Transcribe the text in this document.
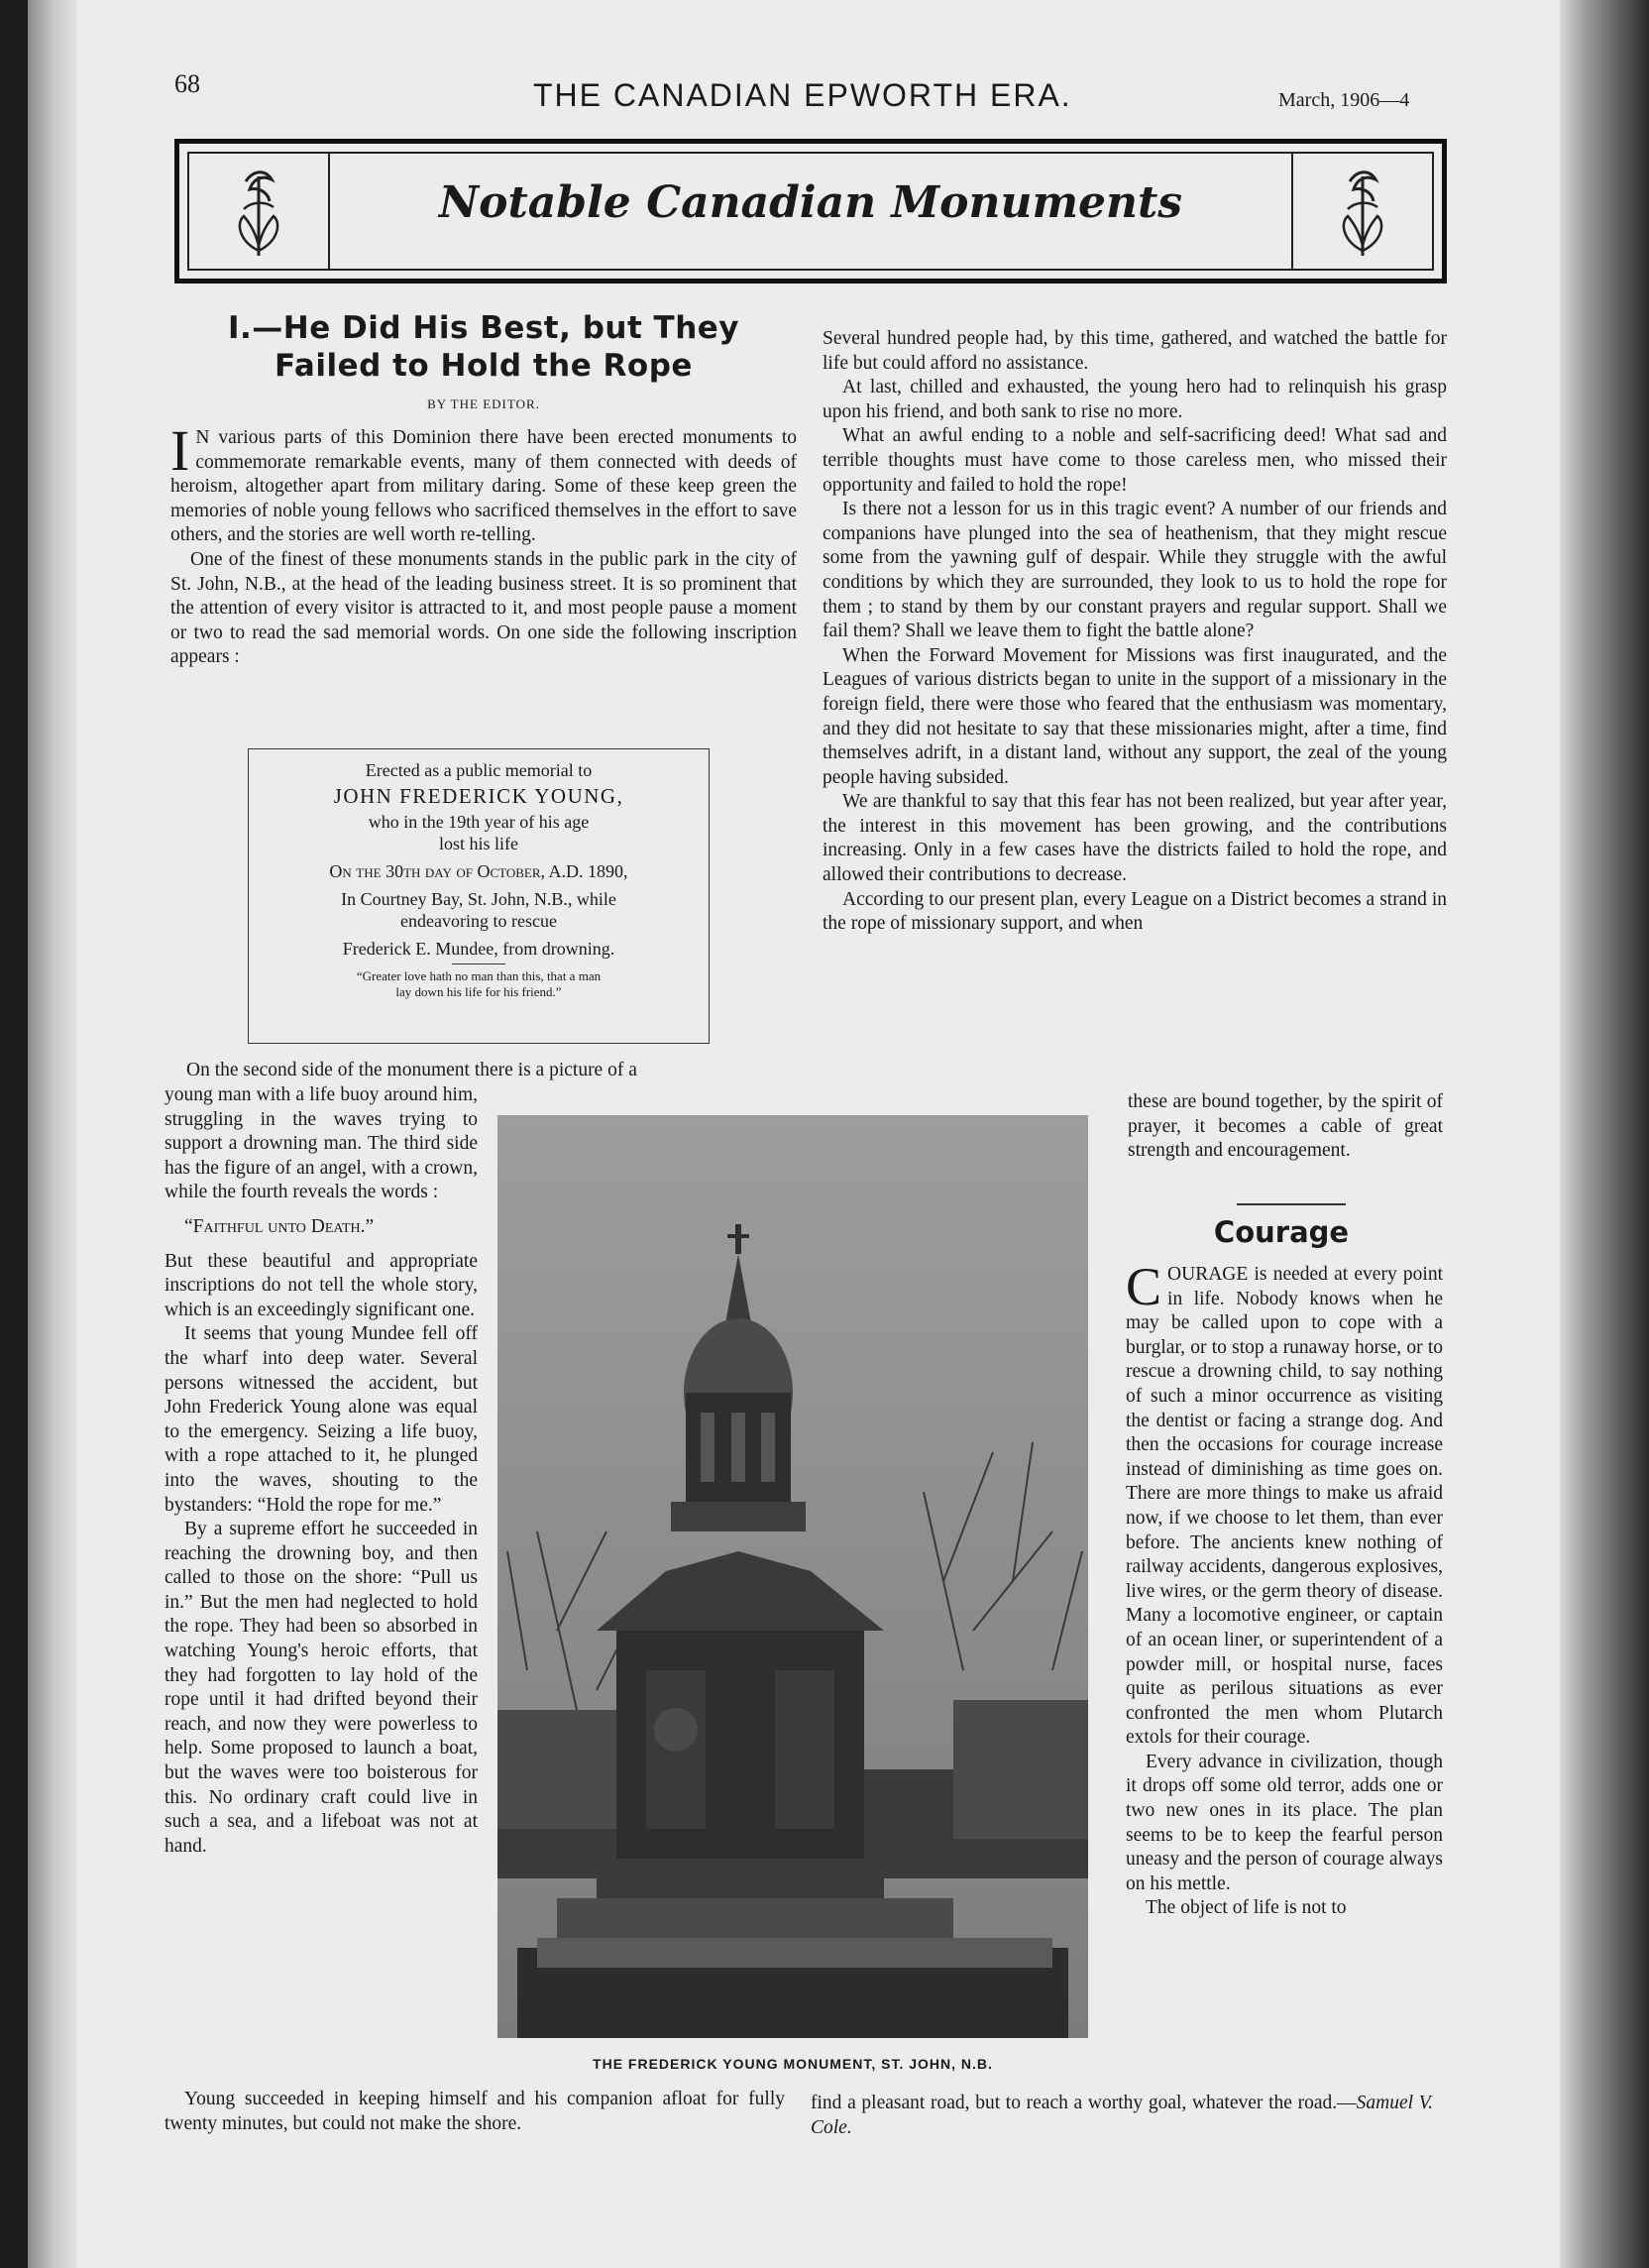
68	THE CANADIAN EPWORTH ERA.	March, 1906—4
Notable Canadian Monuments
I.—He Did His Best, but They
Failed to Hold the Rope
BY THE EDITOR.

I N various parts of this Dominion there have been erected monuments to commemorate remarkable events, many of them connected with deeds of heroism, altogether apart from military daring. Some of these keep green the memories of noble young fellows who sacrificed themselves in the effort to save others, and the stories are well worth re-telling.

One of the finest of these monuments stands in the public park in the city of St. John, N.B., at the head of the leading business street. It is so prominent that the attention of every visitor is attracted to it, and most people pause a moment or two to read the sad memorial words. On one side the following inscription appears :

Erected as a public memorial to
JOHN FREDERICK YOUNG,
who in the 19th year of his age
lost his life
On the 30th day of October, A.D. 1890,
In Courtney Bay, St. John, N.B., while
endeavoring to rescue
Frederick E. Mundee, from drowning.
“Greater love hath no man than this, that a man
lay down his life for his friend.”

On the second side of the monument there is a picture of a

young man with a life buoy around him, struggling in the waves trying to support a drowning man. The third side has the figure of an angel, with a crown, while the fourth reveals the words :

“Faithful unto Death.”

But these beautiful and appropriate inscriptions do not tell the whole story, which is an exceedingly significant one.

It seems that young Mundee fell off the wharf into deep water. Several persons witnessed the accident, but John Frederick Young alone was equal to the emergency. Seizing a life buoy, with a rope attached to it, he plunged into the waves, shouting to the bystanders: “Hold the rope for me.”

By a supreme effort he succeeded in reaching the drowning boy, and then called to those on the shore: “Pull us in.” But the men had neglected to hold the rope. They had been so absorbed in watching Young's heroic efforts, that they had forgotten to lay hold of the rope until it had drifted beyond their reach, and now they were powerless to help. Some proposed to launch a boat, but the waves were too boisterous for this. No ordinary craft could live in such a sea, and a lifeboat was not at hand.

Young succeeded in keeping himself and his companion afloat for fully twenty minutes, but could not make the shore.

Several hundred people had, by this time, gathered, and watched the battle for life but could afford no assistance.

At last, chilled and exhausted, the young hero had to relinquish his grasp upon his friend, and both sank to rise no more.

What an awful ending to a noble and self-sacrificing deed! What sad and terrible thoughts must have come to those careless men, who missed their opportunity and failed to hold the rope!

Is there not a lesson for us in this tragic event? A number of our friends and companions have plunged into the sea of heathenism, that they might rescue some from the yawning gulf of despair. While they struggle with the awful conditions by which they are surrounded, they look to us to hold the rope for them ; to stand by them by our constant prayers and regular support. Shall we fail them? Shall we leave them to fight the battle alone?

When the Forward Movement for Missions was first inaugurated, and the Leagues of various districts began to unite in the support of a missionary in the foreign field, there were those who feared that the enthusiasm was momentary, and they did not hesitate to say that these missionaries might, after a time, find themselves adrift, in a distant land, without any support, the zeal of the young people having subsided.

We are thankful to say that this fear has not been realized, but year after year, the interest in this movement has been growing, and the contributions increasing. Only in a few cases have the districts failed to hold the rope, and allowed their contributions to decrease.

According to our present plan, every League on a District becomes a strand in the rope of missionary support, and when

these are bound together, by the spirit of prayer, it becomes a cable of great strength and encouragement.

Courage

COURAGE is needed at every point in life. Nobody knows when he may be called upon to cope with a burglar, or to stop a runaway horse, or to rescue a drowning child, to say nothing of such a minor occurrence as visiting the dentist or facing a strange dog. And then the occasions for courage increase instead of diminishing as time goes on. There are more things to make us afraid now, if we choose to let them, than ever before. The ancients knew nothing of railway accidents, dangerous explosives, live wires, or the germ theory of disease. Many a locomotive engineer, or captain of an ocean liner, or superintendent of a powder mill, or hospital nurse, faces quite as perilous situations as ever confronted the men whom Plutarch extols for their courage.

Every advance in civilization, though it drops off some old terror, adds one or two new ones in its place. The plan seems to be to keep the fearful person uneasy and the person of courage always on his mettle.

The object of life is not to

find a pleasant road, but to reach a worthy goal, whatever the road.—Samuel V. Cole.

THE FREDERICK YOUNG MONUMENT, ST. JOHN, N.B.
